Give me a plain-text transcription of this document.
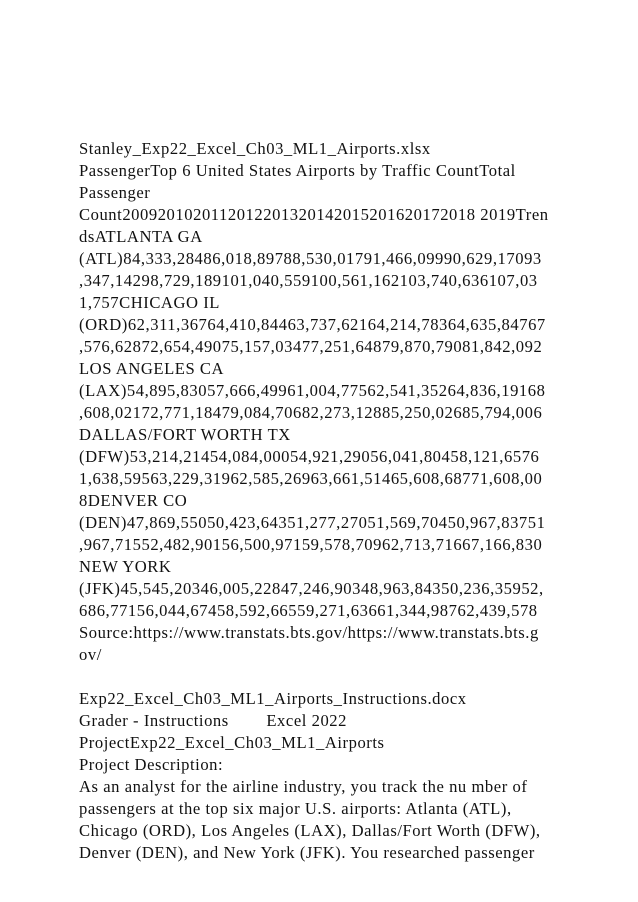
Stanley_Exp22_Excel_Ch03_ML1_Airports.xlsx
PassengerTop 6 United States Airports by Traffic CountTotal
Passenger
Count2009201020112012201320142015201620172018 2019Tren
dsATLANTA GA
(ATL)84,333,28486,018,89788,530,01791,466,09990,629,17093
,347,14298,729,189101,040,559100,561,162103,740,636107,03
1,757CHICAGO IL
(ORD)62,311,36764,410,84463,737,62164,214,78364,635,84767
,576,62872,654,49075,157,03477,251,64879,870,79081,842,092
LOS ANGELES CA
(LAX)54,895,83057,666,49961,004,77562,541,35264,836,19168
,608,02172,771,18479,084,70682,273,12885,250,02685,794,006
DALLAS/FORT WORTH TX
(DFW)53,214,21454,084,00054,921,29056,041,80458,121,6576
1,638,59563,229,31962,585,26963,661,51465,608,68771,608,00
8DENVER CO
(DEN)47,869,55050,423,64351,277,27051,569,70450,967,83751
,967,71552,482,90156,500,97159,578,70962,713,71667,166,830
NEW YORK
(JFK)45,545,20346,005,22847,246,90348,963,84350,236,35952,
686,77156,044,67458,592,66559,271,63661,344,98762,439,578
Source:https://www.transtats.bts.gov/https://www.transtats.bts.g
ov/
Exp22_Excel_Ch03_ML1_Airports_Instructions.docx
Grader - Instructions        Excel 2022
ProjectExp22_Excel_Ch03_ML1_Airports
Project Description:
As an analyst for the airline industry, you track the nu mber of
passengers at the top six major U.S. airports: Atlanta (ATL),
Chicago (ORD), Los Angeles (LAX), Dallas/Fort Worth (DFW),
Denver (DEN), and New York (JFK). You researched passenger
